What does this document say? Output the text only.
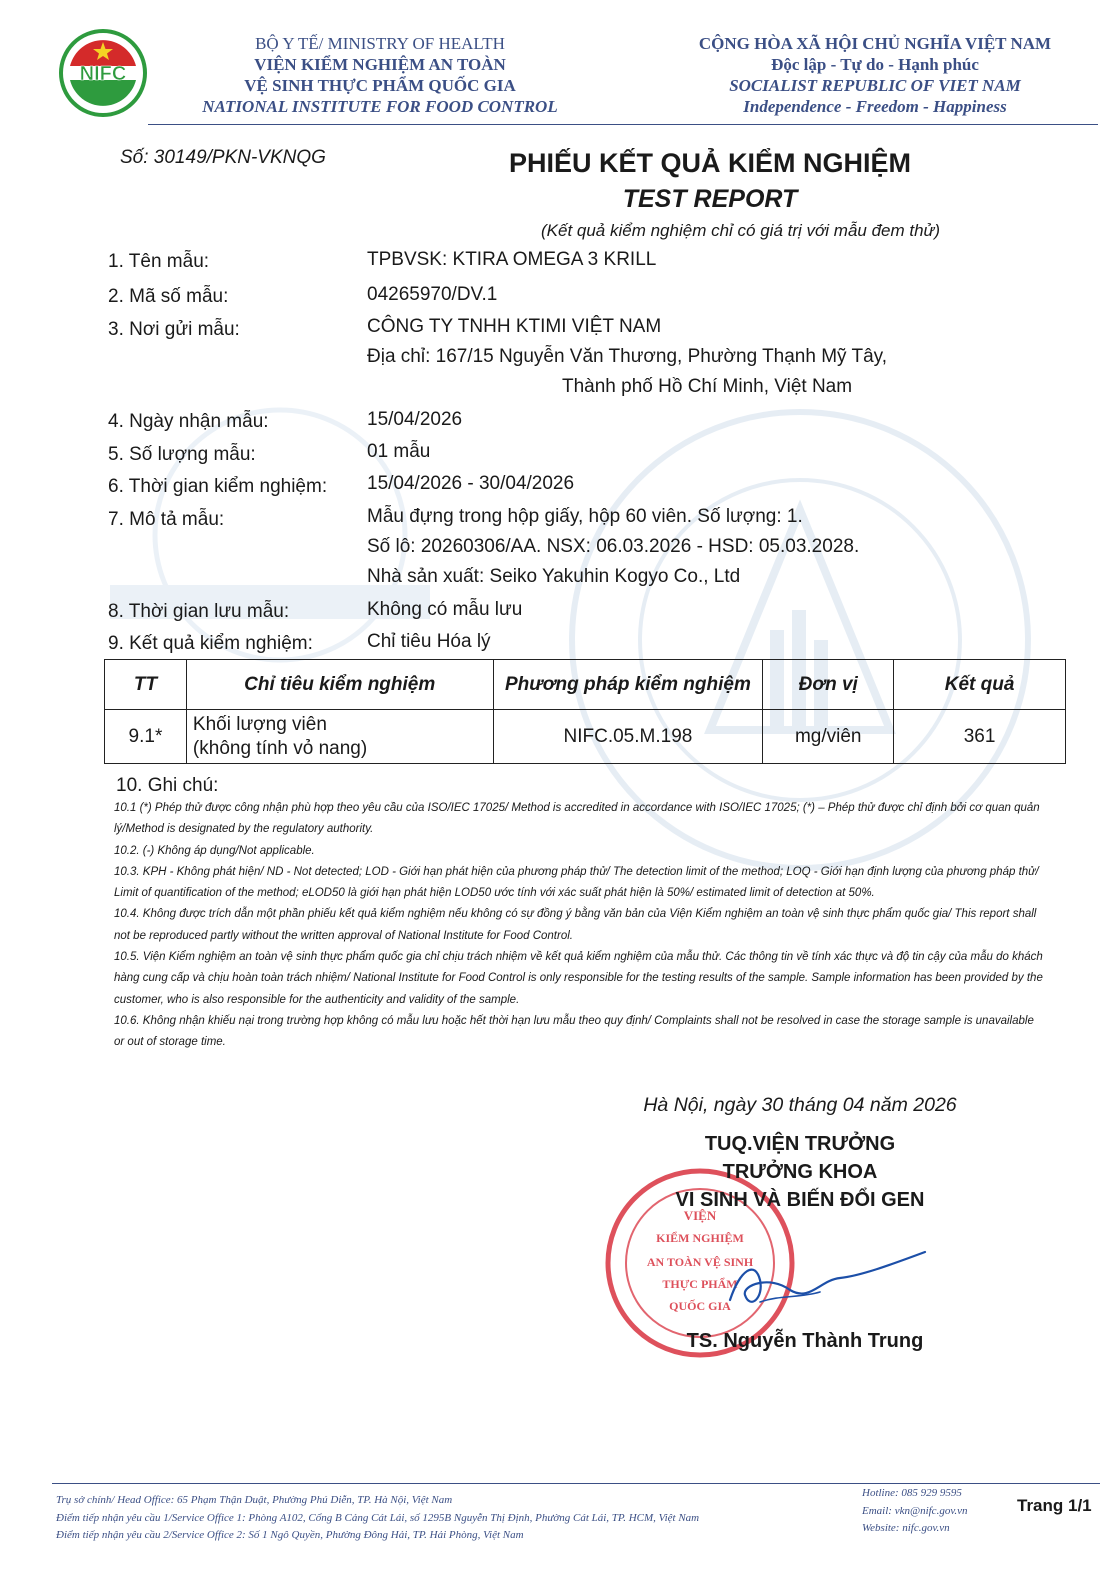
NIFC
BỘ Y TẾ/ MINISTRY OF HEALTH
VIỆN KIỂM NGHIỆM AN TOÀN
VỆ SINH THỰC PHẨM QUỐC GIA
NATIONAL INSTITUTE FOR FOOD CONTROL
CỘNG HÒA XÃ HỘI CHỦ NGHĨA VIỆT NAM
Độc lập - Tự do - Hạnh phúc
SOCIALIST REPUBLIC OF VIET NAM
Independence - Freedom - Happiness
Số: 30149/PKN-VKNQG	PHIẾU KẾT QUẢ KIỂM NGHIỆM
TEST REPORT
(Kết quả kiểm nghiệm chỉ có giá trị với mẫu đem thử)
1. Tên mẫu:	TPBVSK: KTIRA OMEGA 3 KRILL
2. Mã số mẫu:	04265970/DV.1
3. Nơi gửi mẫu:	CÔNG TY TNHH KTIMI VIỆT NAM
Địa chỉ: 167/15 Nguyễn Văn Thương, Phường Thạnh Mỹ Tây,
Thành phố Hồ Chí Minh, Việt Nam
4. Ngày nhận mẫu:	15/04/2026
5. Số lượng mẫu:	01 mẫu
6. Thời gian kiểm nghiệm: 15/04/2026 - 30/04/2026
7. Mô tả mẫu:	Mẫu đựng trong hộp giấy, hộp 60 viên. Số lượng: 1.
Số lô: 20260306/AA. NSX: 06.03.2026 - HSD: 05.03.2028.
Nhà sản xuất: Seiko Yakuhin Kogyo Co., Ltd
8. Thời gian lưu mẫu:	Không có mẫu lưu
9. Kết quả kiểm nghiệm:	Chỉ tiêu Hóa lý
TT	Chỉ tiêu kiểm nghiệm	Phương pháp kiểm nghiệm	Đơn vị	Kết quả
9.1*	Khối lượng viên
(không tính vỏ nang)	NIFC.05.M.198	mg/viên	361
10. Ghi chú:

10.1 (*) Phép thử được công nhận phù hợp theo yêu cầu của ISO/IEC 17025/ Method is accredited in accordance with ISO/IEC 17025; (*) – Phép thử được chỉ định bởi cơ quan quản lý/Method is designated by the regulatory authority.

10.2. (-) Không áp dụng/Not applicable.

10.3. KPH - Không phát hiện/ ND - Not detected; LOD - Giới hạn phát hiện của phương pháp thử/ The detection limit of the method; LOQ - Giới hạn định lượng của phương pháp thử/ Limit of quantification of the method; eLOD50 là giới hạn phát hiện LOD50 ước tính với xác suất phát hiện là 50%/ estimated limit of detection at 50%.

10.4. Không được trích dẫn một phần phiếu kết quả kiểm nghiệm nếu không có sự đồng ý bằng văn bản của Viện Kiểm nghiệm an toàn vệ sinh thực phẩm quốc gia/ This report shall not be reproduced partly without the written approval of National Institute for Food Control.

10.5. Viện Kiểm nghiệm an toàn vệ sinh thực phẩm quốc gia chỉ chịu trách nhiệm về kết quả kiểm nghiệm của mẫu thử. Các thông tin về tính xác thực và độ tin cậy của mẫu do khách hàng cung cấp và chịu hoàn toàn trách nhiệm/ National Institute for Food Control is only responsible for the testing results of the sample. Sample information has been provided by the customer, who is also responsible for the authenticity and validity of the sample.

10.6. Không nhận khiếu nại trong trường hợp không có mẫu lưu hoặc hết thời hạn lưu mẫu theo quy định/ Complaints shall not be resolved in case the storage sample is unavailable or out of storage time.

Hà Nội, ngày 30 tháng 04 năm 2026
VIỆN
KIỂM NGHIỆM
AN TOÀN VỆ SINH
THỰC PHẨM
QUỐC GIA
TUQ.VIỆN TRƯỞNG
TRƯỞNG KHOA
VI SINH VÀ BIẾN ĐỔI GEN
TS. Nguyễn Thành Trung
Trụ sở chính/ Head Office: 65 Phạm Thận Duật, Phường Phú Diễn, TP. Hà Nội, Việt Nam
Điểm tiếp nhận yêu cầu 1/Service Office 1: Phòng A102, Cổng B Cảng Cát Lái, số 1295B Nguyễn Thị Định, Phường Cát Lái, TP. HCM, Việt Nam
Điểm tiếp nhận yêu cầu 2/Service Office 2: Số 1 Ngô Quyền, Phường Đông Hải, TP. Hải Phòng, Việt Nam
Hotline: 085 929 9595
Email: vkn@nifc.gov.vn
Website: nifc.gov.vn
Trang 1/1
